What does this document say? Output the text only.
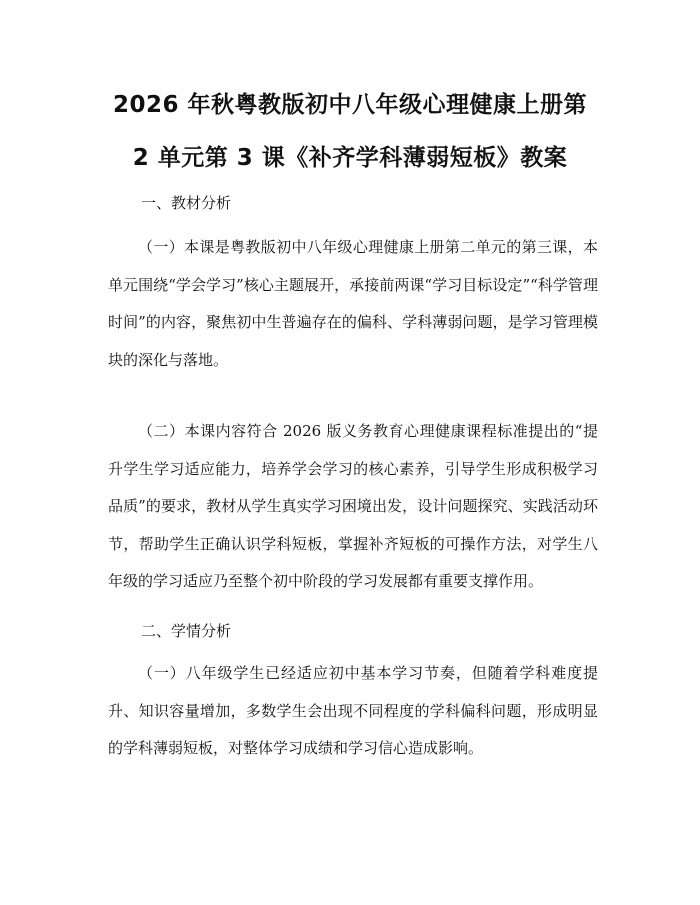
2026 年秋粤教版初中八年级心理健康上册第
2 单元第 3 课《补齐学科薄弱短板》教案
一、教材分析
（一）本课是粤教版初中八年级心理健康上册第二单元的第三课，本单元围绕“学会学习”核心主题展开，承接前两课“学习目标设定”“科学管理时间”的内容，聚焦初中生普遍存在的偏科、学科薄弱问题，是学习管理模块的深化与落地。
（二）本课内容符合 2026 版义务教育心理健康课程标准提出的“提升学生学习适应能力，培养学会学习的核心素养，引导学生形成积极学习品质”的要求，教材从学生真实学习困境出发，设计问题探究、实践活动环节，帮助学生正确认识学科短板，掌握补齐短板的可操作方法，对学生八年级的学习适应乃至整个初中阶段的学习发展都有重要支撑作用。
二、学情分析
（一）八年级学生已经适应初中基本学习节奏，但随着学科难度提升、知识容量增加，多数学生会出现不同程度的学科偏科问题，形成明显的学科薄弱短板，对整体学习成绩和学习信心造成影响。
